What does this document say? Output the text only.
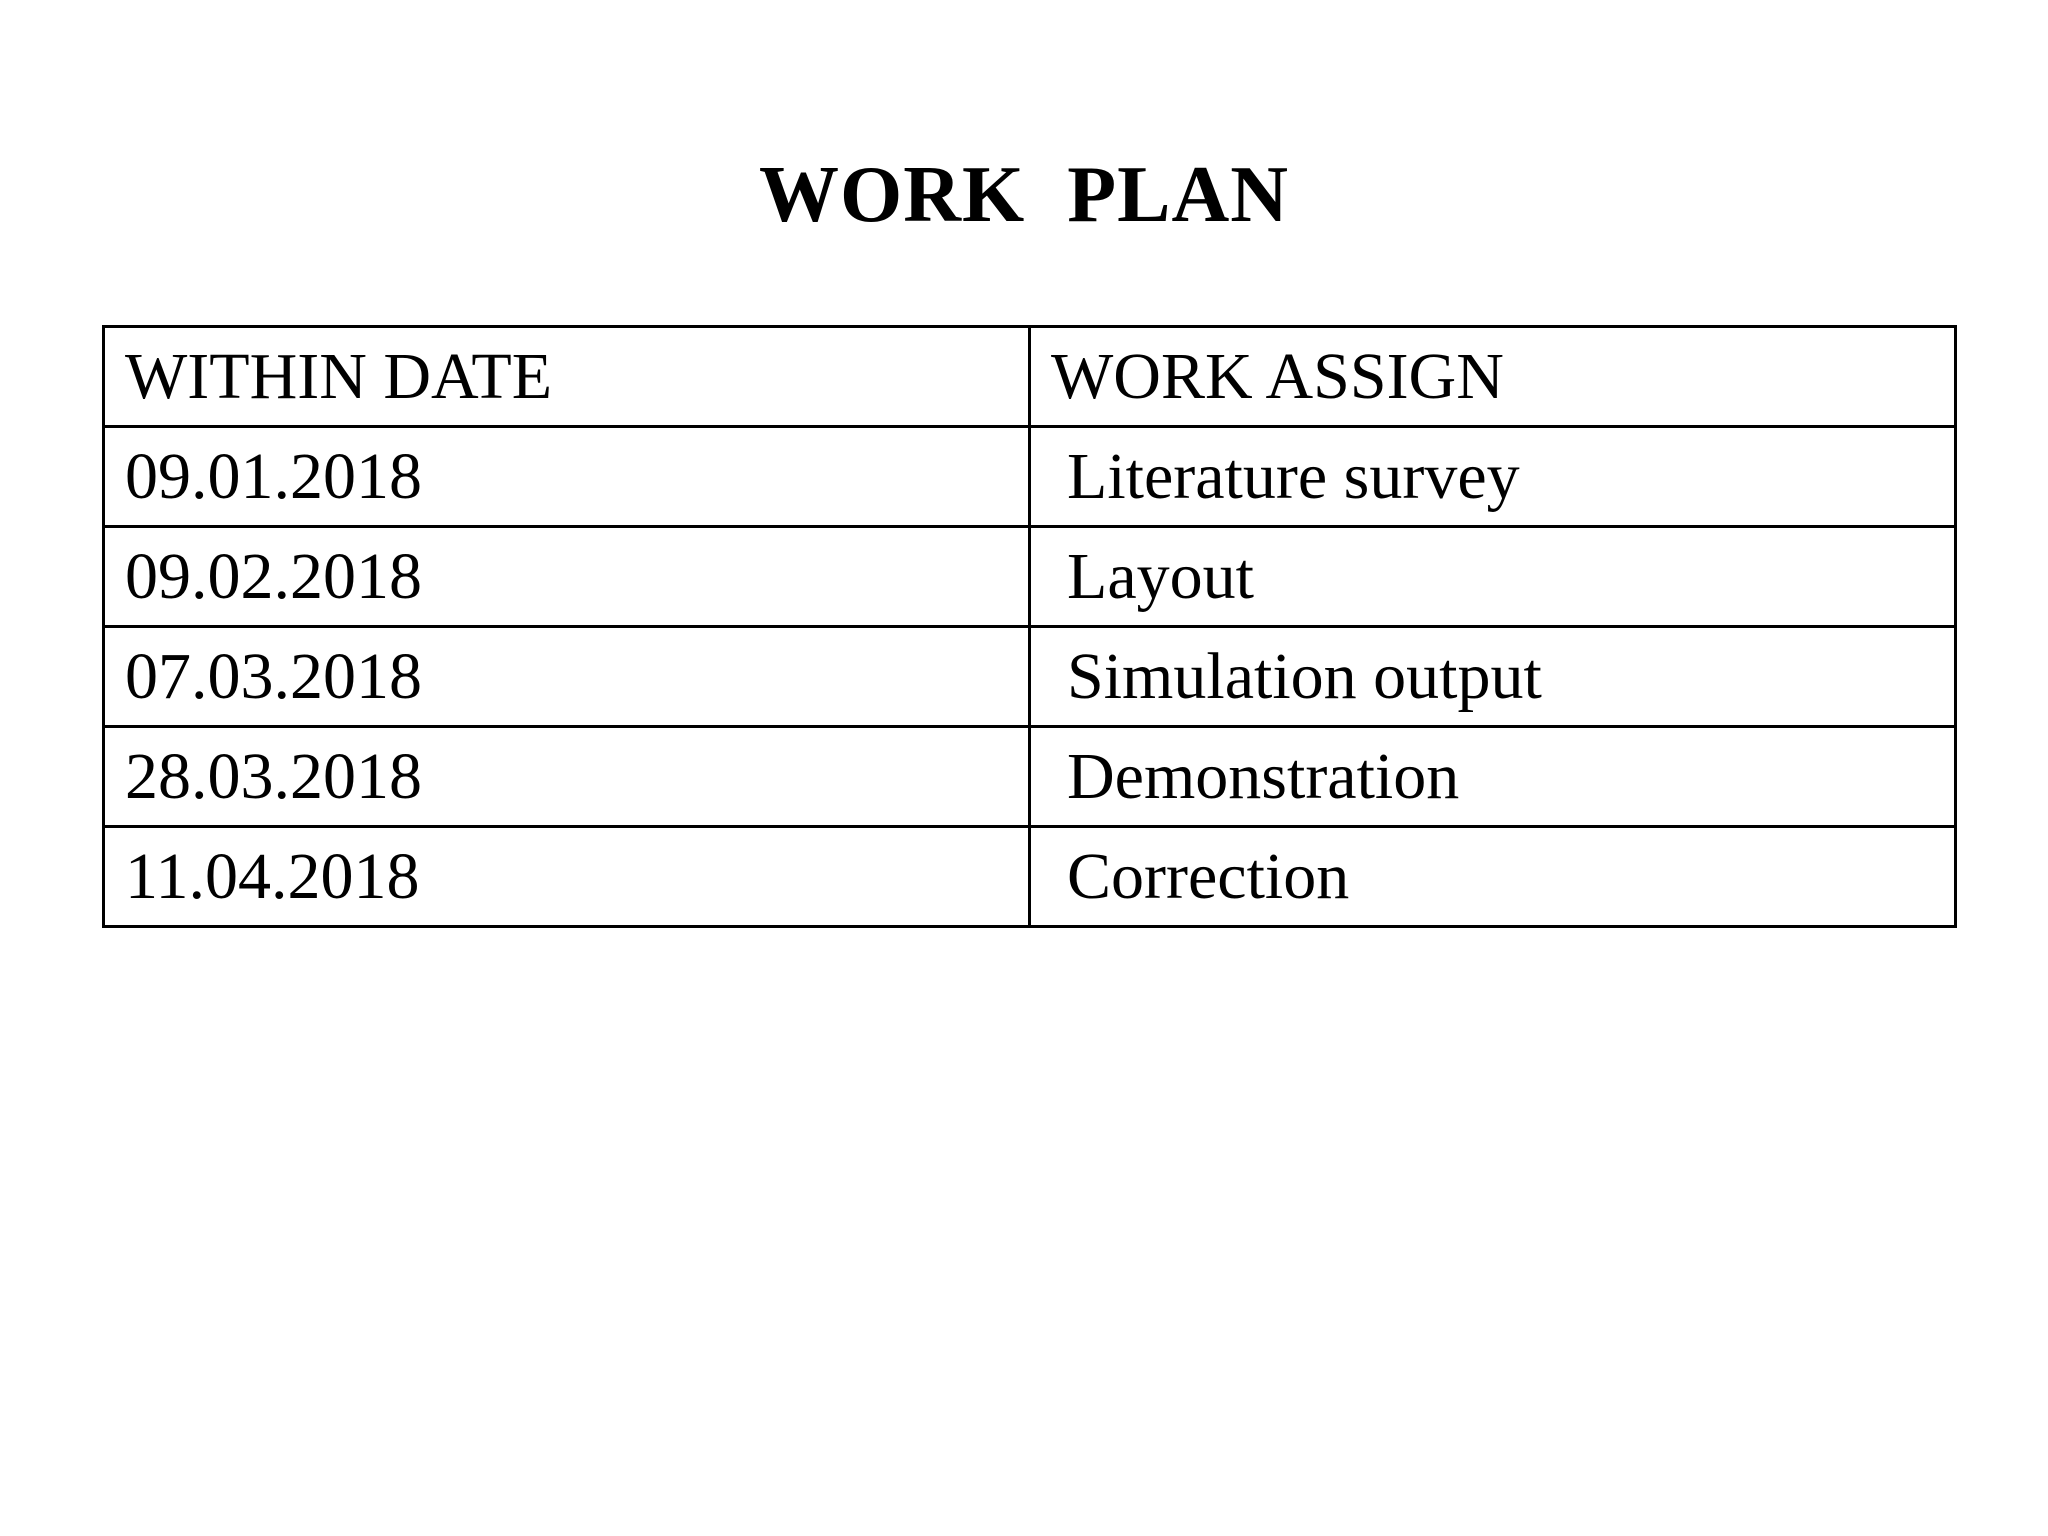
WORK  PLAN
WITHIN DATE	WORK ASSIGN
09.01.2018	Literature survey
09.02.2018	Layout
07.03.2018	Simulation output
28.03.2018	Demonstration
11.04.2018	Correction
